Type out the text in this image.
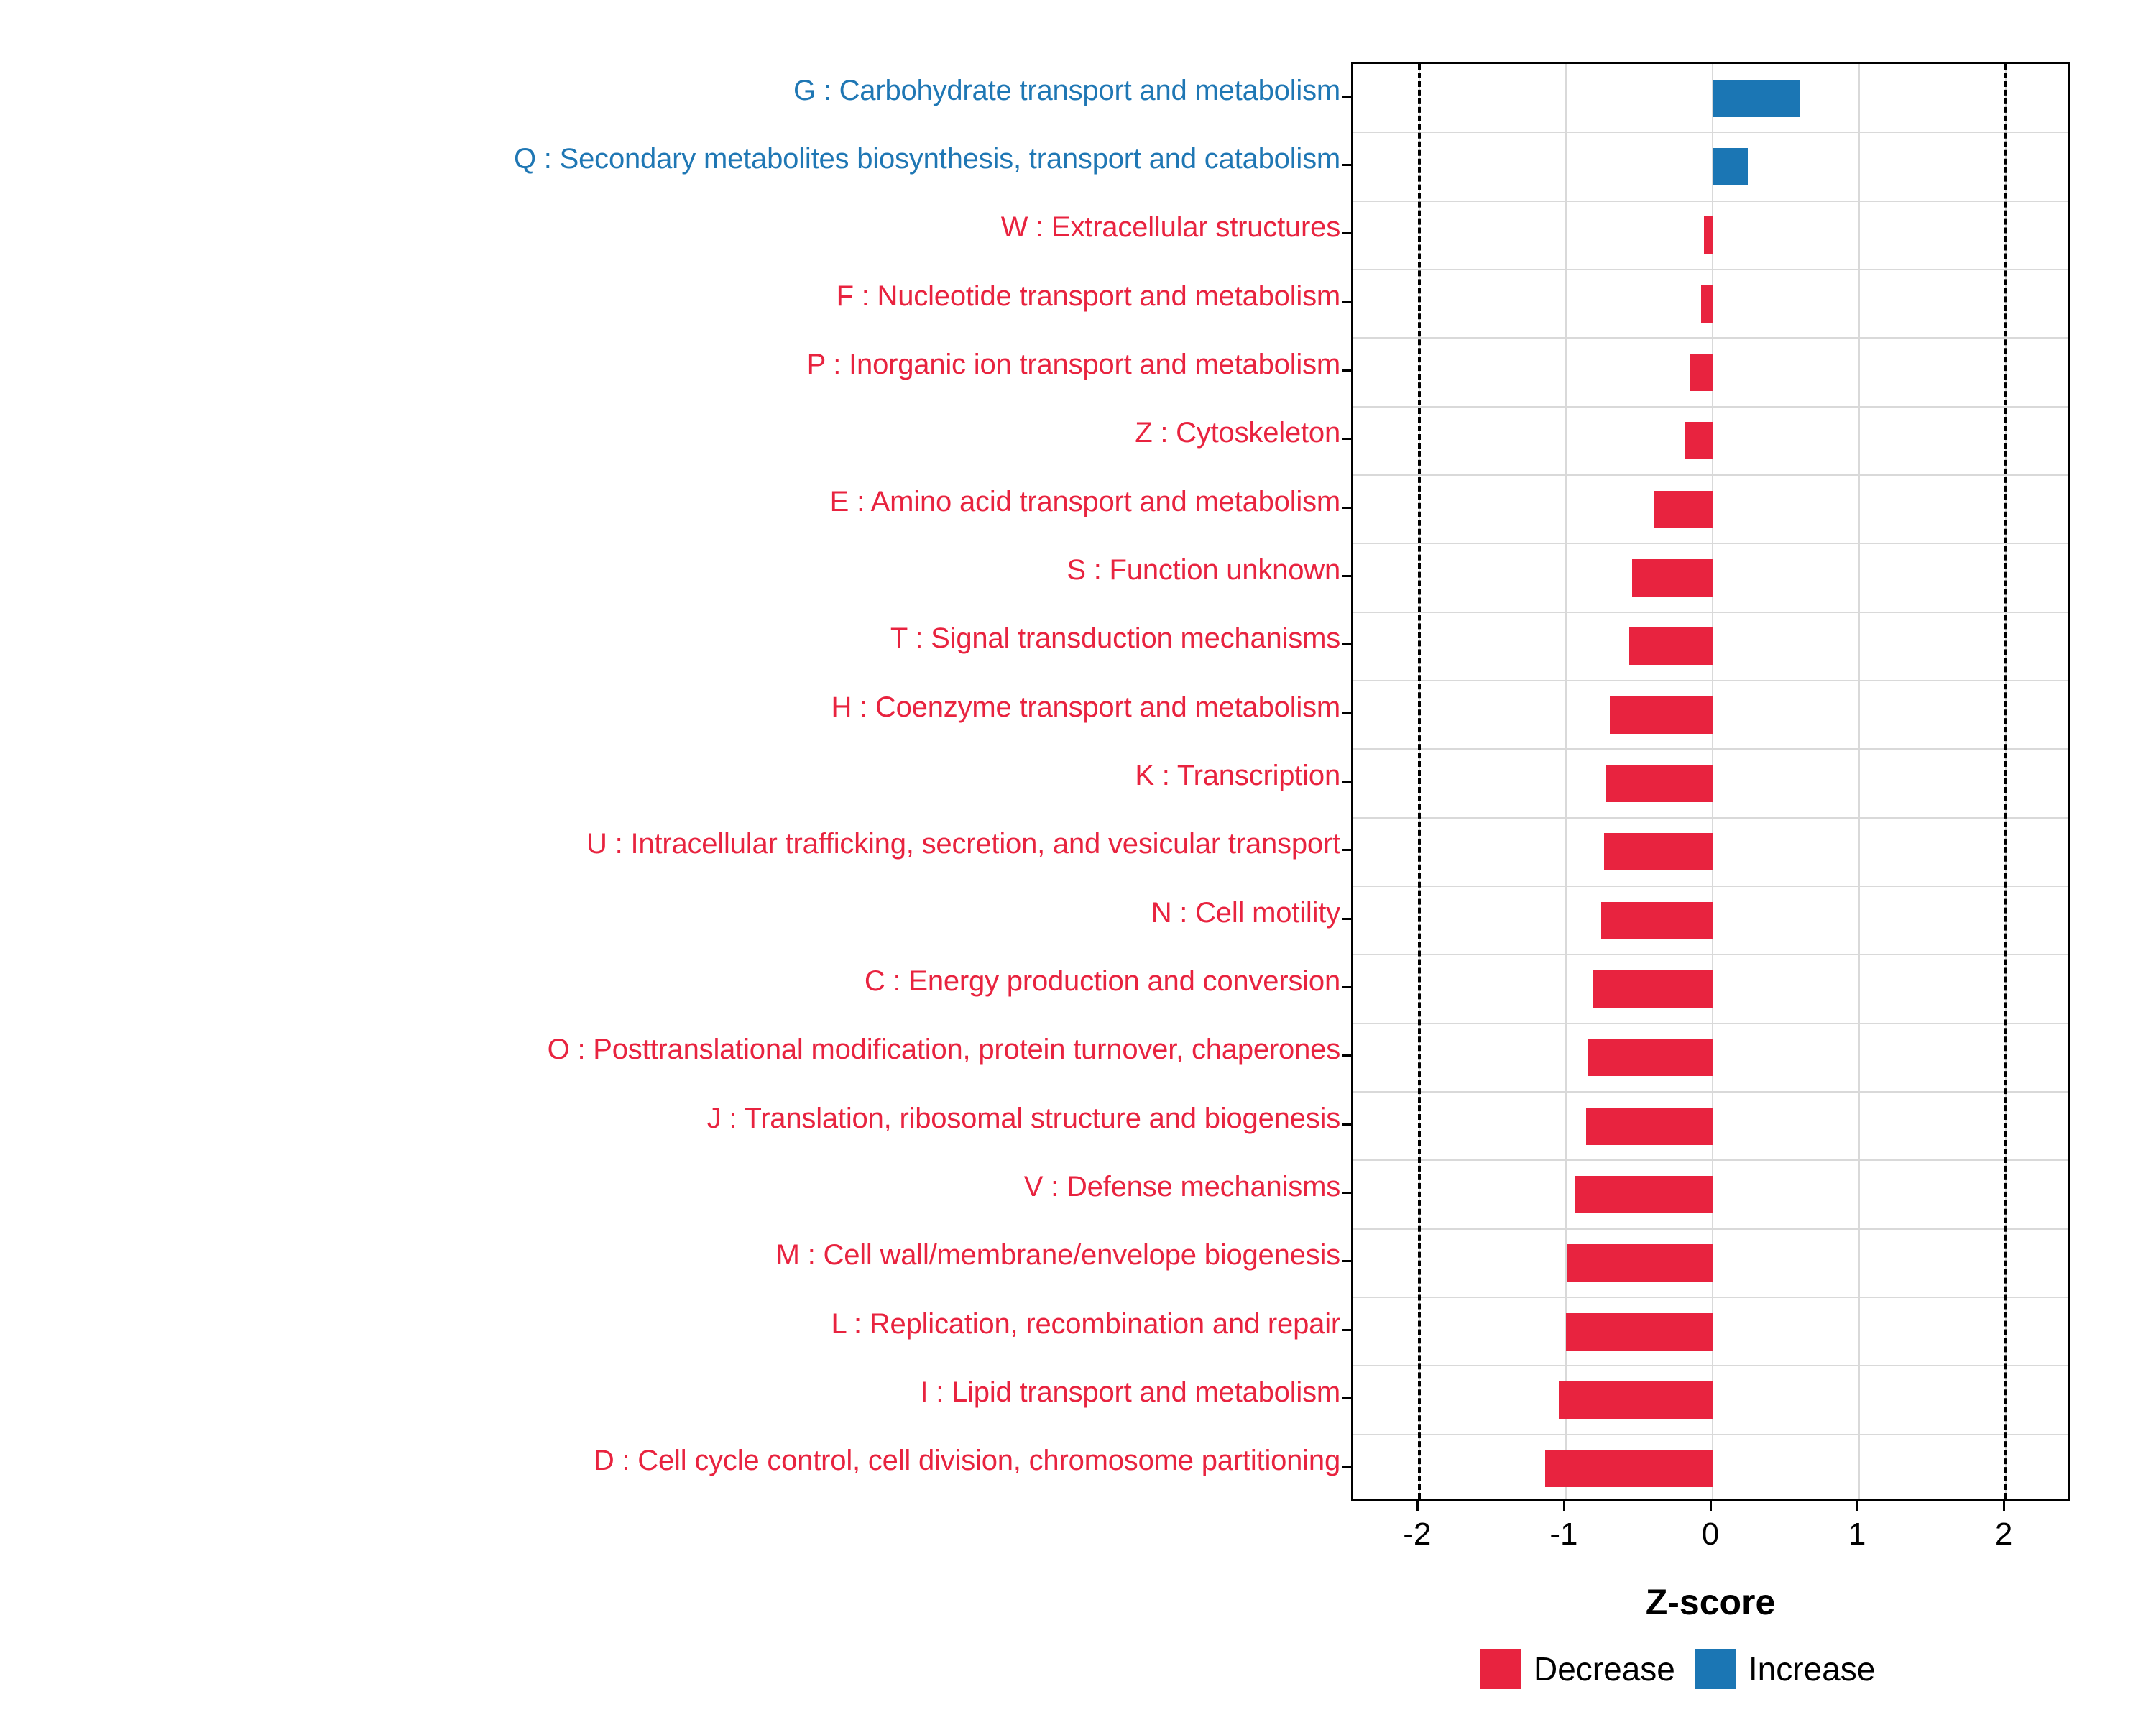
G : Carbohydrate transport and metabolism
Q : Secondary metabolites biosynthesis, transport and catabolism
W : Extracellular structures
F : Nucleotide transport and metabolism
P : Inorganic ion transport and metabolism
Z : Cytoskeleton
E : Amino acid transport and metabolism
S : Function unknown
T : Signal transduction mechanisms
H : Coenzyme transport and metabolism
K : Transcription
U : Intracellular trafficking, secretion, and vesicular transport
N : Cell motility
C : Energy production and conversion
O : Posttranslational modification, protein turnover, chaperones
J : Translation, ribosomal structure and biogenesis
V : Defense mechanisms
M : Cell wall/membrane/envelope biogenesis
L : Replication, recombination and repair
I : Lipid transport and metabolism
D : Cell cycle control, cell division, chromosome partitioning
-2	-1	0	1	2
Z-score
Decrease Increase
